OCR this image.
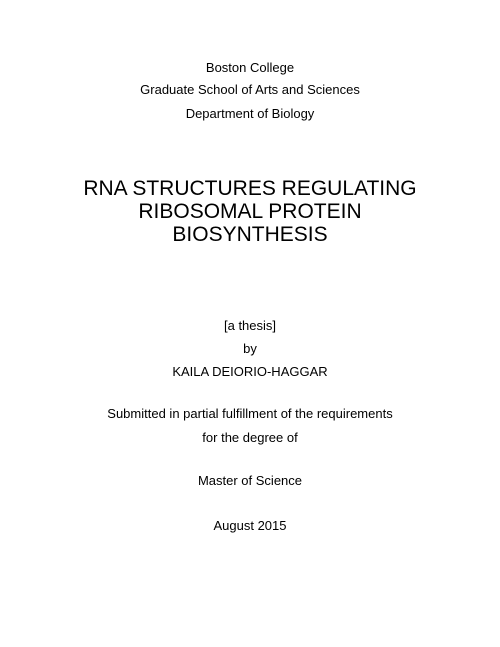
Boston College
Graduate School of Arts and Sciences
Department of Biology
RNA STRUCTURES REGULATING
RIBOSOMAL PROTEIN
BIOSYNTHESIS
[a thesis]
by
KAILA DEIORIO-HAGGAR
Submitted in partial fulfillment of the requirements
for the degree of
Master of Science
August 2015
